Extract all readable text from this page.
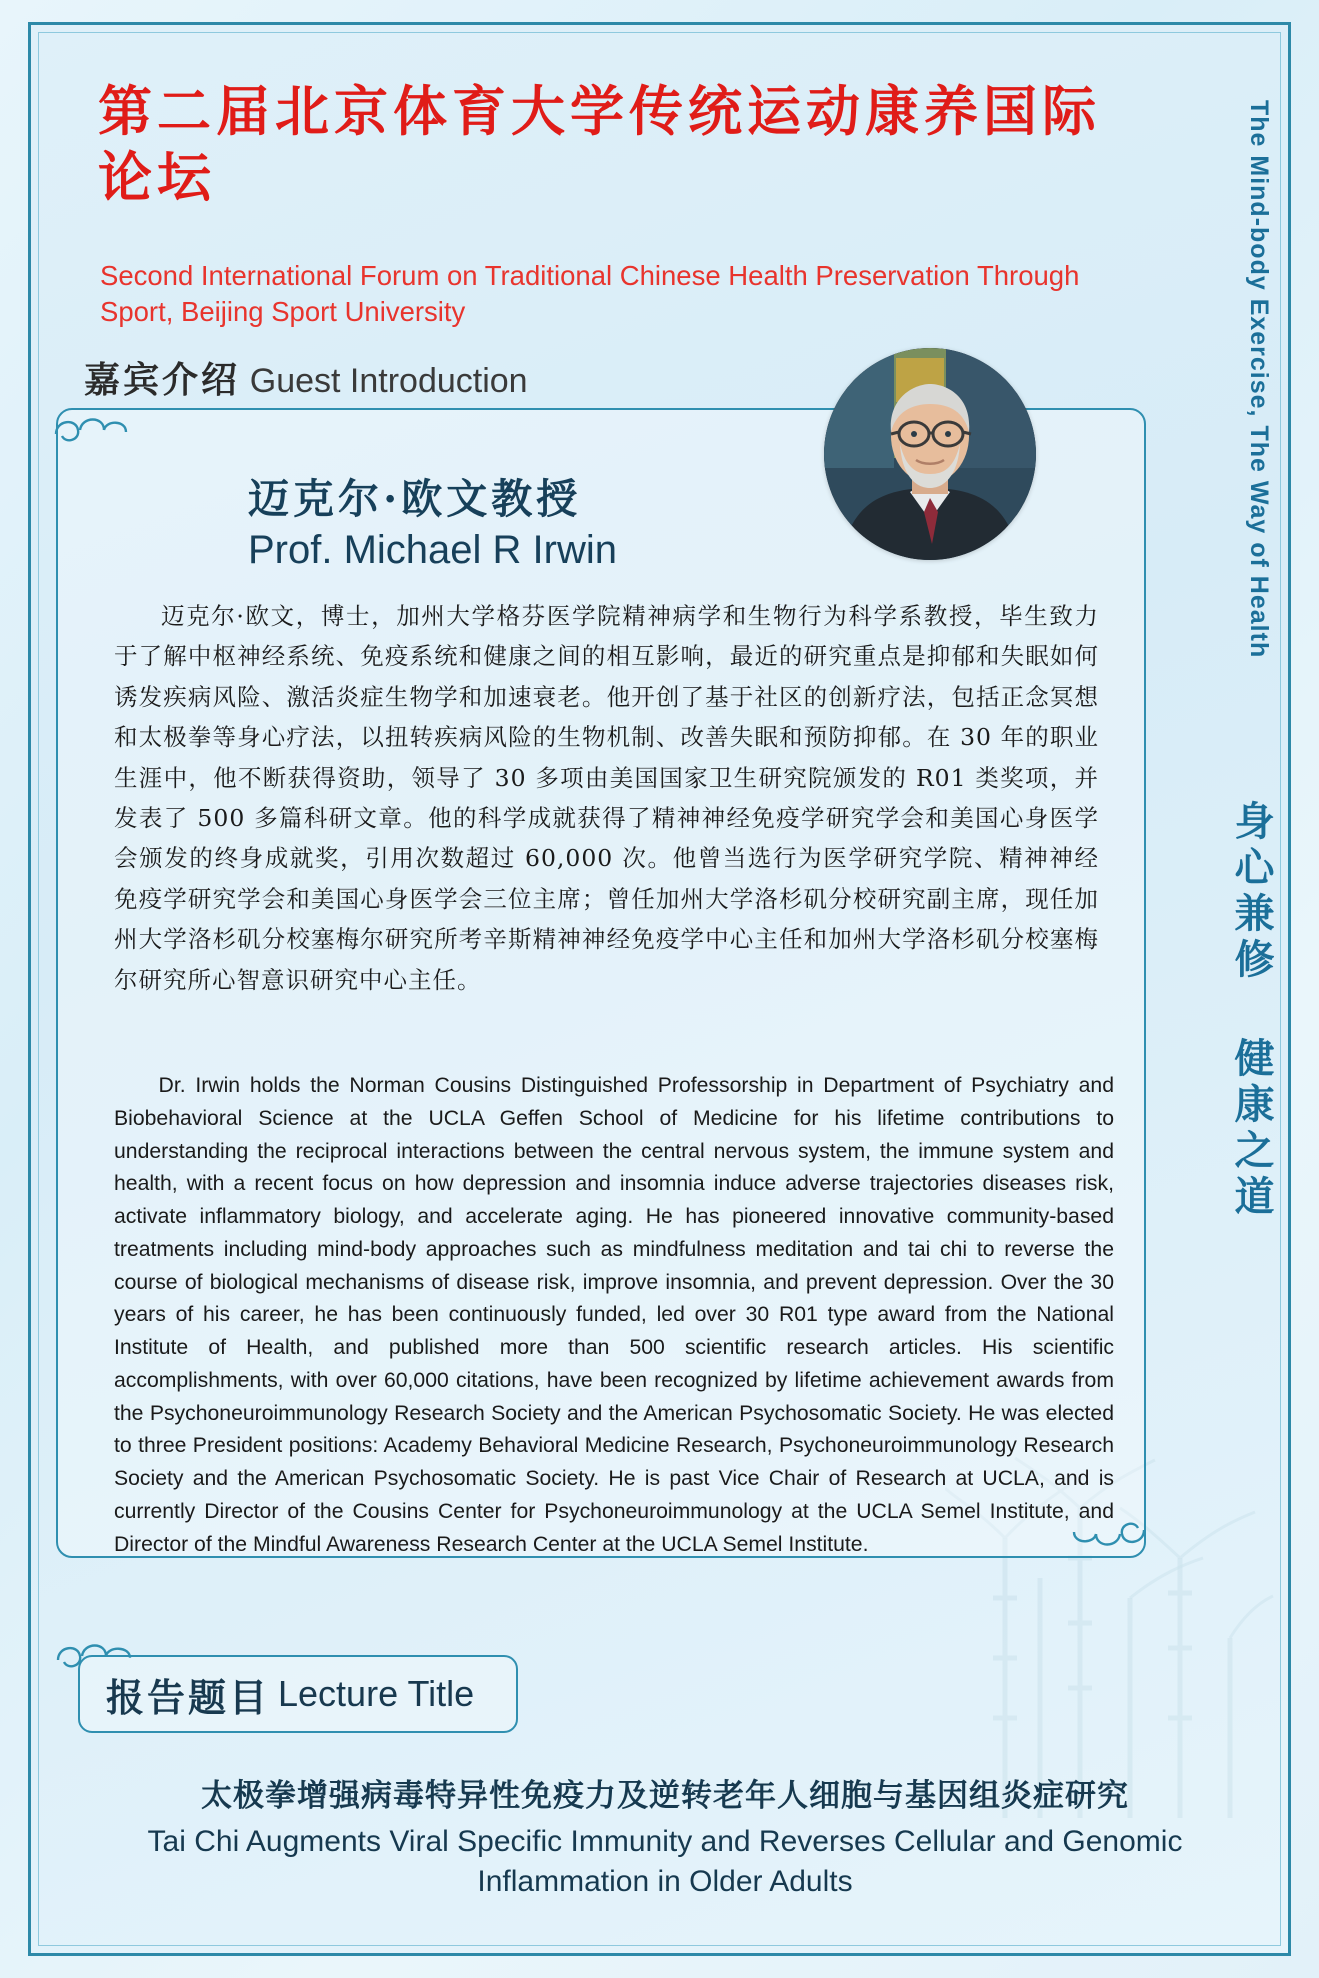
第二届北京体育大学传统运动康养国际论坛
Second International Forum on Traditional Chinese Health Preservation Through Sport, Beijing Sport University
嘉宾介绍 Guest Introduction	The Mind-body Exercise, The Way of Health
身心兼修 健康之道
迈克尔·欧文教授
Prof. Michael R Irwin
迈克尔·欧文，博士，加州大学格芬医学院精神病学和生物行为科学系教授，毕生致力于了解中枢神经系统、免疫系统和健康之间的相互影响，最近的研究重点是抑郁和失眠如何诱发疾病风险、激活炎症生物学和加速衰老。他开创了基于社区的创新疗法，包括正念冥想和太极拳等身心疗法，以扭转疾病风险的生物机制、改善失眠和预防抑郁。在 30 年的职业生涯中，他不断获得资助，领导了 30 多项由美国国家卫生研究院颁发的 R01 类奖项，并发表了 500 多篇科研文章。他的科学成就获得了精神神经免疫学研究学会和美国心身医学会颁发的终身成就奖，引用次数超过 60,000 次。他曾当选行为医学研究学院、精神神经免疫学研究学会和美国心身医学会三位主席；曾任加州大学洛杉矶分校研究副主席，现任加州大学洛杉矶分校塞梅尔研究所考辛斯精神神经免疫学中心主任和加州大学洛杉矶分校塞梅尔研究所心智意识研究中心主任。
Dr. Irwin holds the Norman Cousins Distinguished Professorship in Department of Psychiatry and Biobehavioral Science at the UCLA Geffen School of Medicine for his lifetime contributions to understanding the reciprocal interactions between the central nervous system, the immune system and health, with a recent focus on how depression and insomnia induce adverse trajectories diseases risk, activate inflammatory biology, and accelerate aging. He has pioneered innovative community-based treatments including mind-body approaches such as mindfulness meditation and tai chi to reverse the course of biological mechanisms of disease risk, improve insomnia, and prevent depression. Over the 30 years of his career, he has been continuously funded, led over 30 R01 type award from the National Institute of Health, and published more than 500 scientific research articles. His scientific accomplishments, with over 60,000 citations, have been recognized by lifetime achievement awards from the Psychoneuroimmunology Research Society and the American Psychosomatic Society. He was elected to three President positions: Academy Behavioral Medicine Research, Psychoneuroimmunology Research Society and the American Psychosomatic Society. He is past Vice Chair of Research at UCLA, and is currently Director of the Cousins Center for Psychoneuroimmunology at the UCLA Semel Institute, and Director of the Mindful Awareness Research Center at the UCLA Semel Institute.
报告题目 Lecture Title
太极拳增强病毒特异性免疫力及逆转老年人细胞与基因组炎症研究
Tai Chi Augments Viral Specific Immunity and Reverses Cellular and Genomic Inflammation in Older Adults
